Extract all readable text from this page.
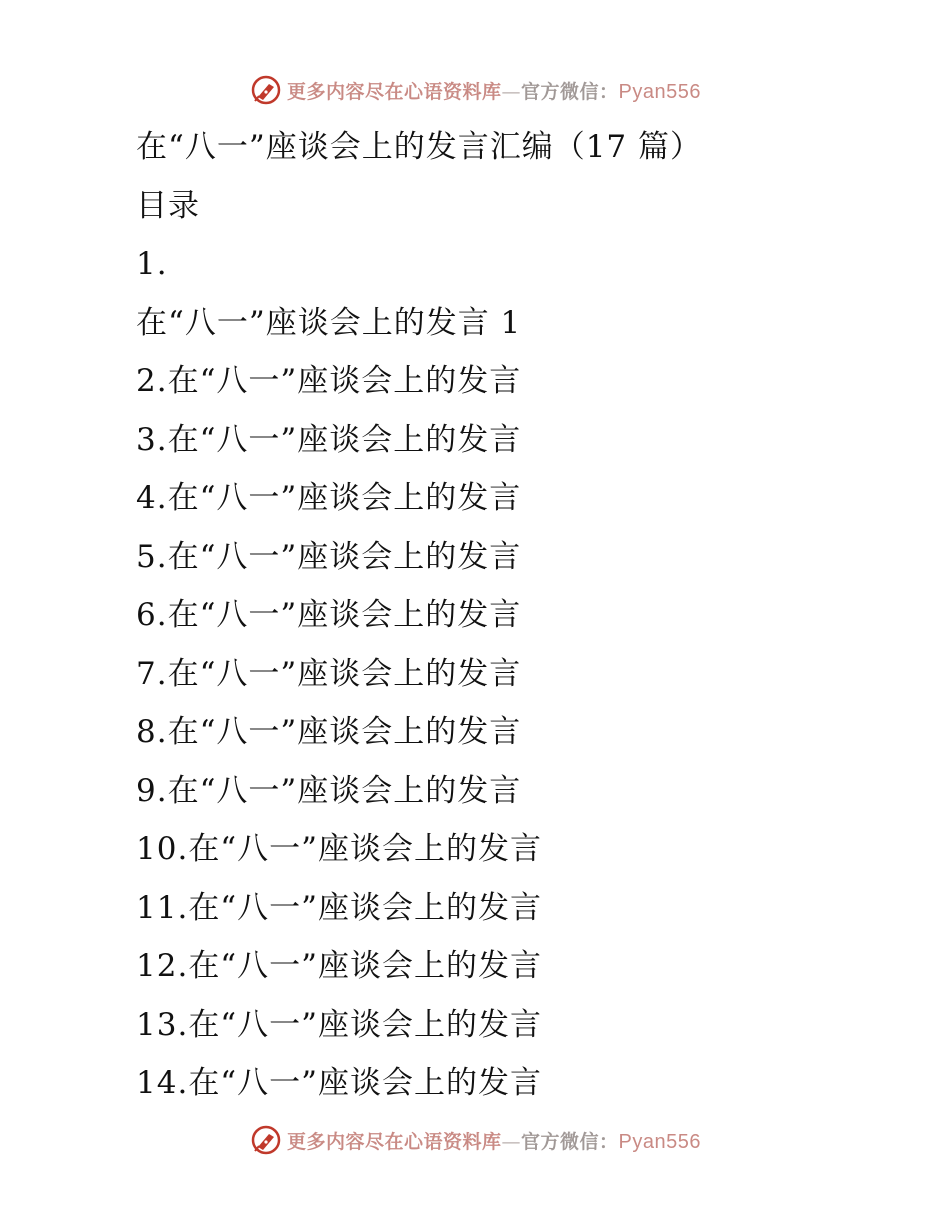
更多内容尽在心语资料库—官方微信：Pyan556
在“八一”座谈会上的发言汇编（17 篇）
目录
1.
在“八一”座谈会上的发言 1
2. 在“八一”座谈会上的发言
3. 在“八一”座谈会上的发言
4. 在“八一”座谈会上的发言
5. 在“八一”座谈会上的发言
6. 在“八一”座谈会上的发言
7. 在“八一”座谈会上的发言
8. 在“八一”座谈会上的发言
9. 在“八一”座谈会上的发言
10. 在“八一”座谈会上的发言
11. 在“八一”座谈会上的发言
12. 在“八一”座谈会上的发言
13. 在“八一”座谈会上的发言
14. 在“八一”座谈会上的发言
更多内容尽在心语资料库—官方微信：Pyan556
